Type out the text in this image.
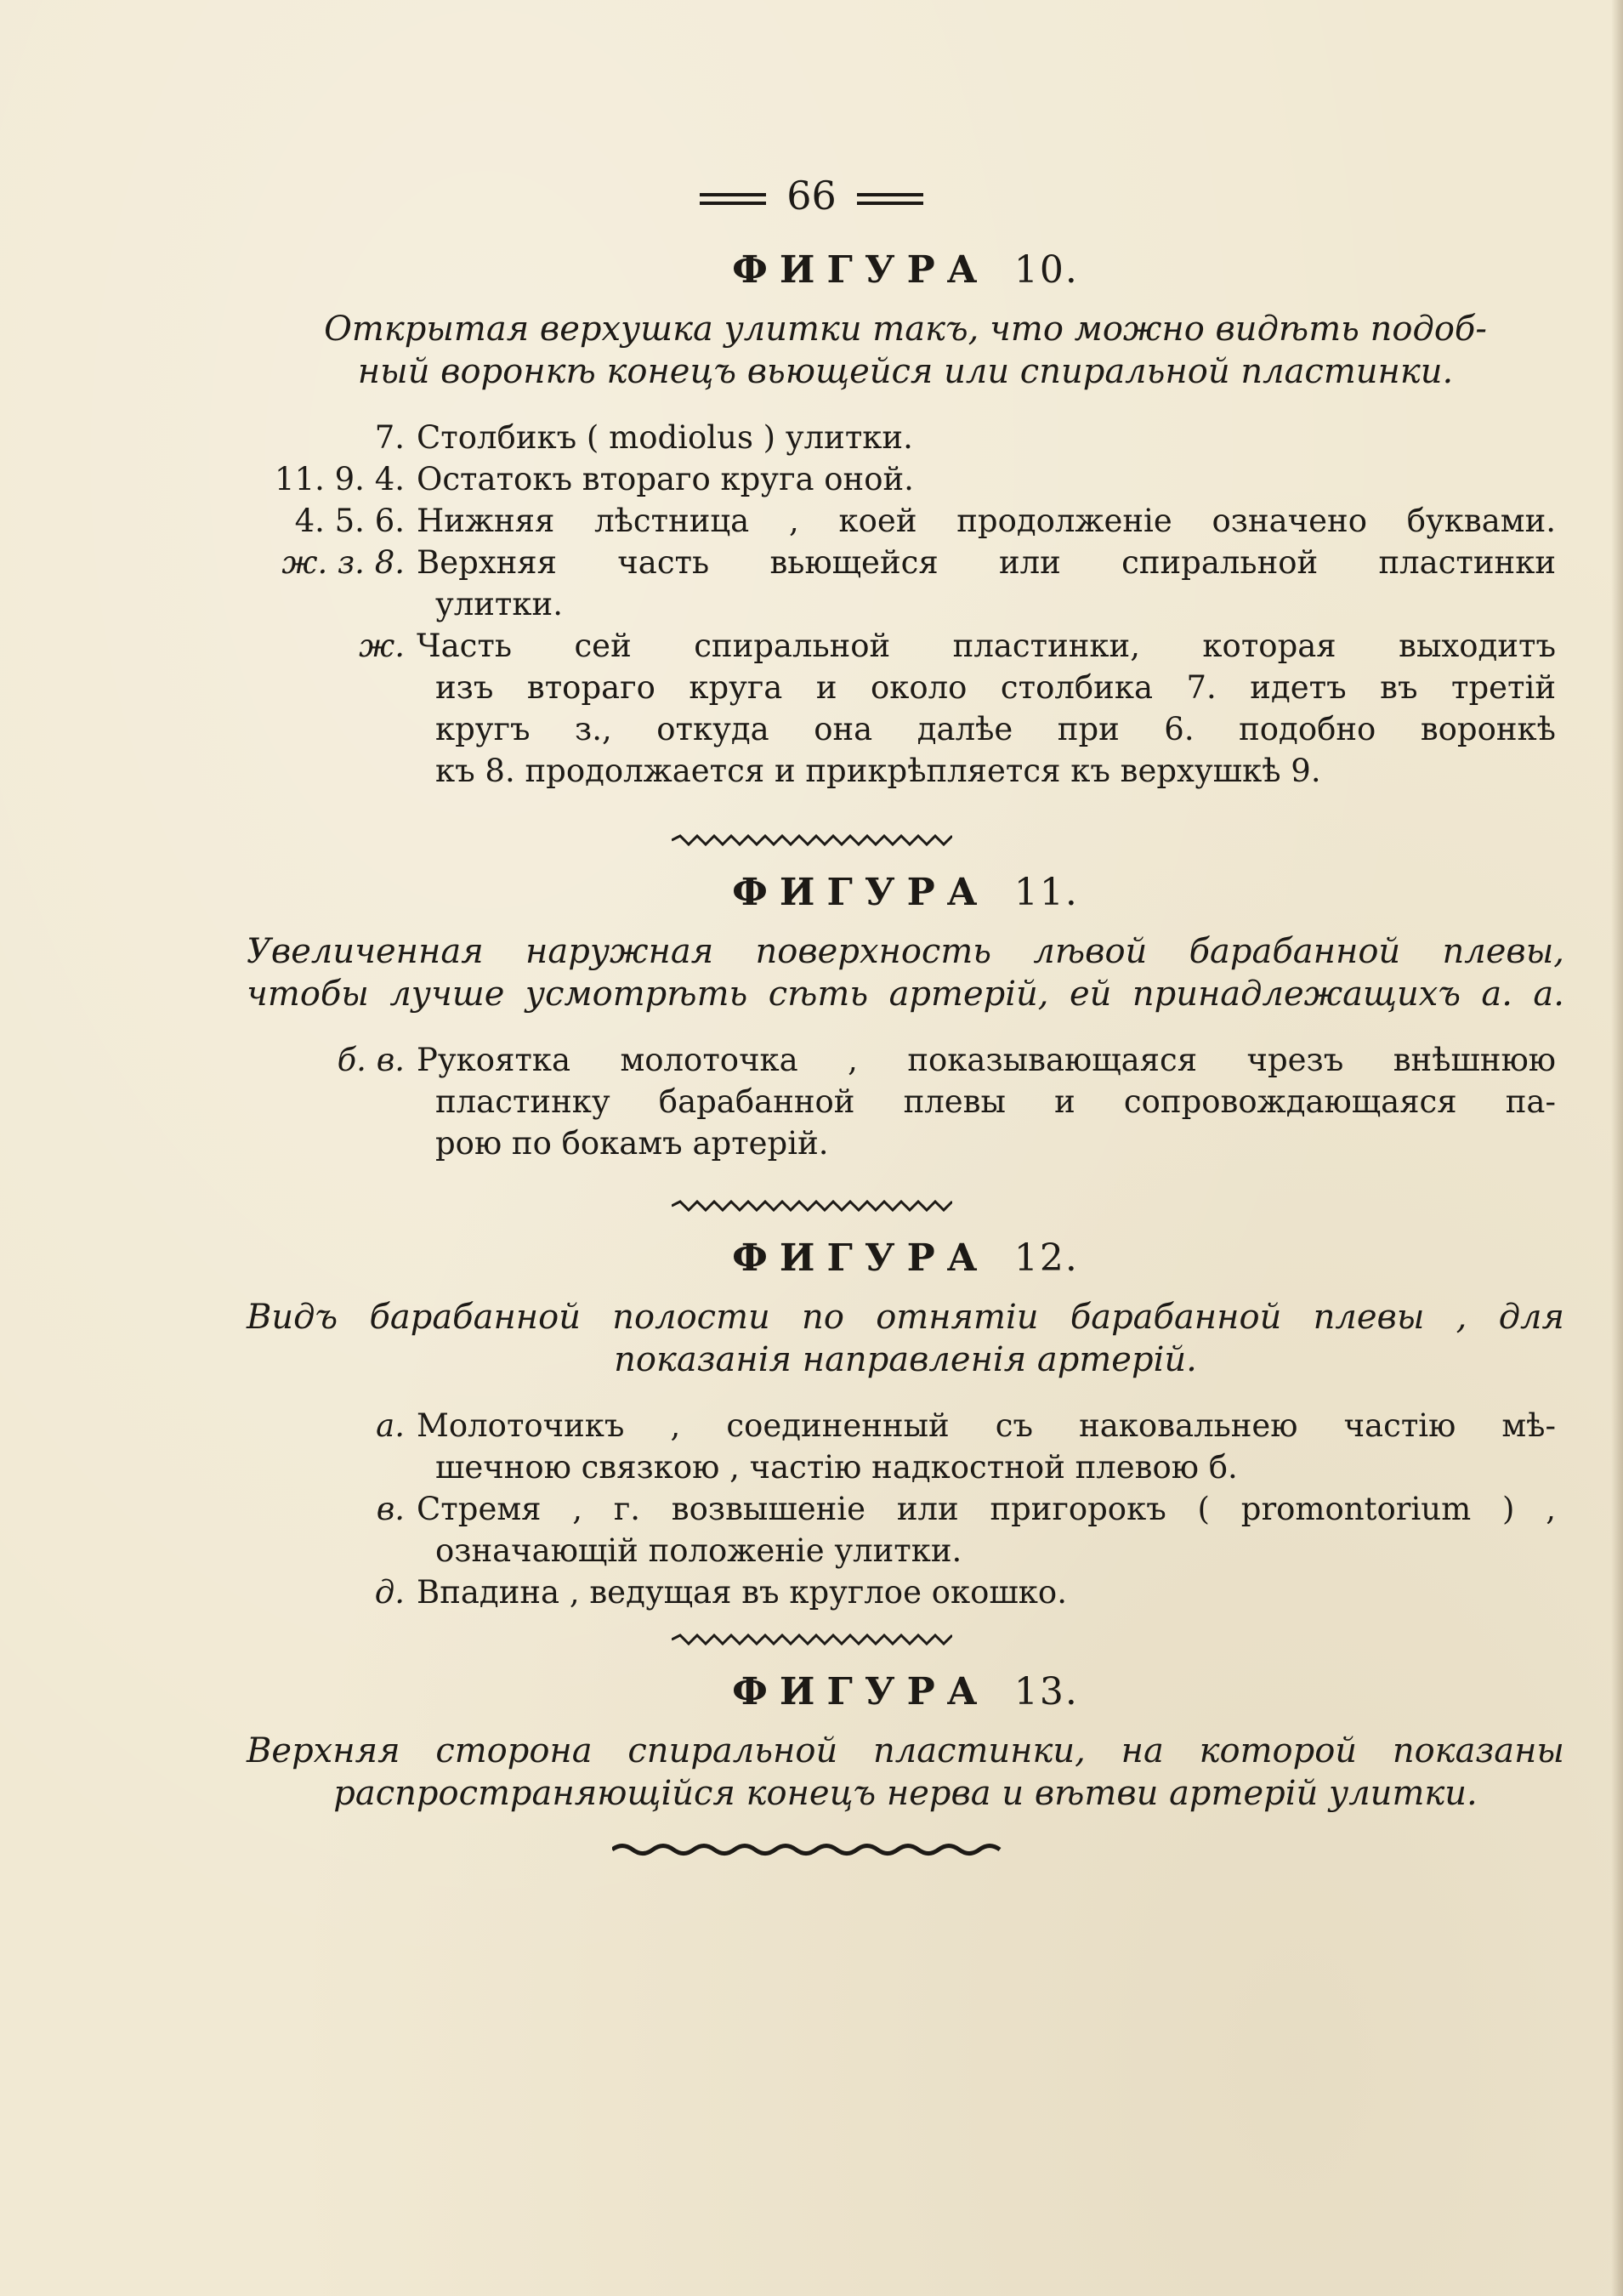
66
ФИГУРА 10.
Открытая верхушка улитки такъ, что можно видѣть подоб-
ный воронкѣ конецъ вьющейся или спиральной пластинки.
7. Столбикъ ( modiolus ) улитки.
11. 9. 4. Остатокъ втораго круга оной.
4. 5. 6. Нижняя лѣстница , коей продолженіе означено буквами.
ж. з. 8. Верхняя часть вьющейся или спиральной пластинки
улитки.
ж. Часть сей спиральной пластинки, которая выходитъ
изъ втораго круга и около столбика 7. идетъ въ третій
кругъ з., откуда она далѣе при 6. подобно воронкѣ
къ 8. продолжается и прикрѣпляется къ верхушкѣ 9.
ФИГУРА 11.
Увеличенная наружная поверхность лѣвой барабанной плевы,
чтобы лучше усмотрѣть сѣть артерій, ей принадлежащихъ а. а.
б. в. Рукоятка молоточка , показывающаяся чрезъ внѣшнюю
пластинку барабанной плевы и сопровождающаяся па-
рою по бокамъ артерій.
ФИГУРА 12.
Видъ барабанной полости по отнятіи барабанной плевы , для
показанія направленія артерій.
а. Молоточикъ , соединенный съ наковальнею частію мѣ-
шечною связкою , частію надкостной плевою б.
в. Стремя , г. возвышеніе или пригорокъ ( promontorium ) ,
означающій положеніе улитки.
д. Впадина , ведущая въ круглое окошко.
ФИГУРА 13.
Верхняя сторона спиральной пластинки, на которой показаны
распространяющійся конецъ нерва и вѣтви артерій улитки.
